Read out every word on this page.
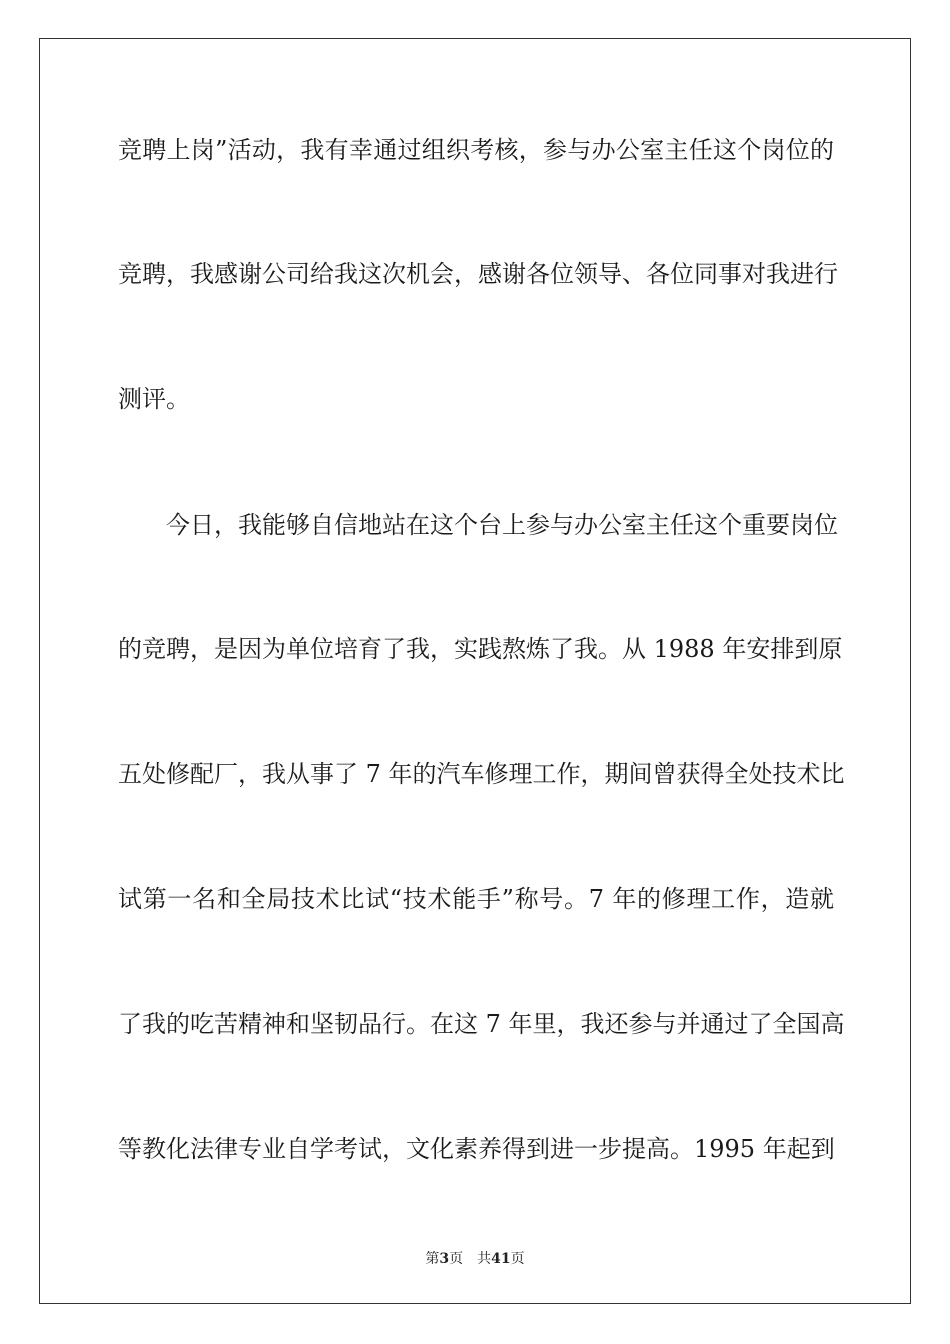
竞聘上岗”活动，我有幸通过组织考核，参与办公室主任这个岗位的
竞聘，我感谢公司给我这次机会，感谢各位领导、各位同事对我进行
测评。
　　今日，我能够自信地站在这个台上参与办公室主任这个重要岗位
的竞聘，是因为单位培育了我，实践熬炼了我。从 1988 年安排到原
五处修配厂，我从事了 7 年的汽车修理工作，期间曾获得全处技术比
试第一名和全局技术比试“技术能手”称号。7 年的修理工作，造就
了我的吃苦精神和坚韧品行。在这 7 年里，我还参与并通过了全国高
等教化法律专业自学考试，文化素养得到进一步提高。1995 年起到
第3页 共41页
